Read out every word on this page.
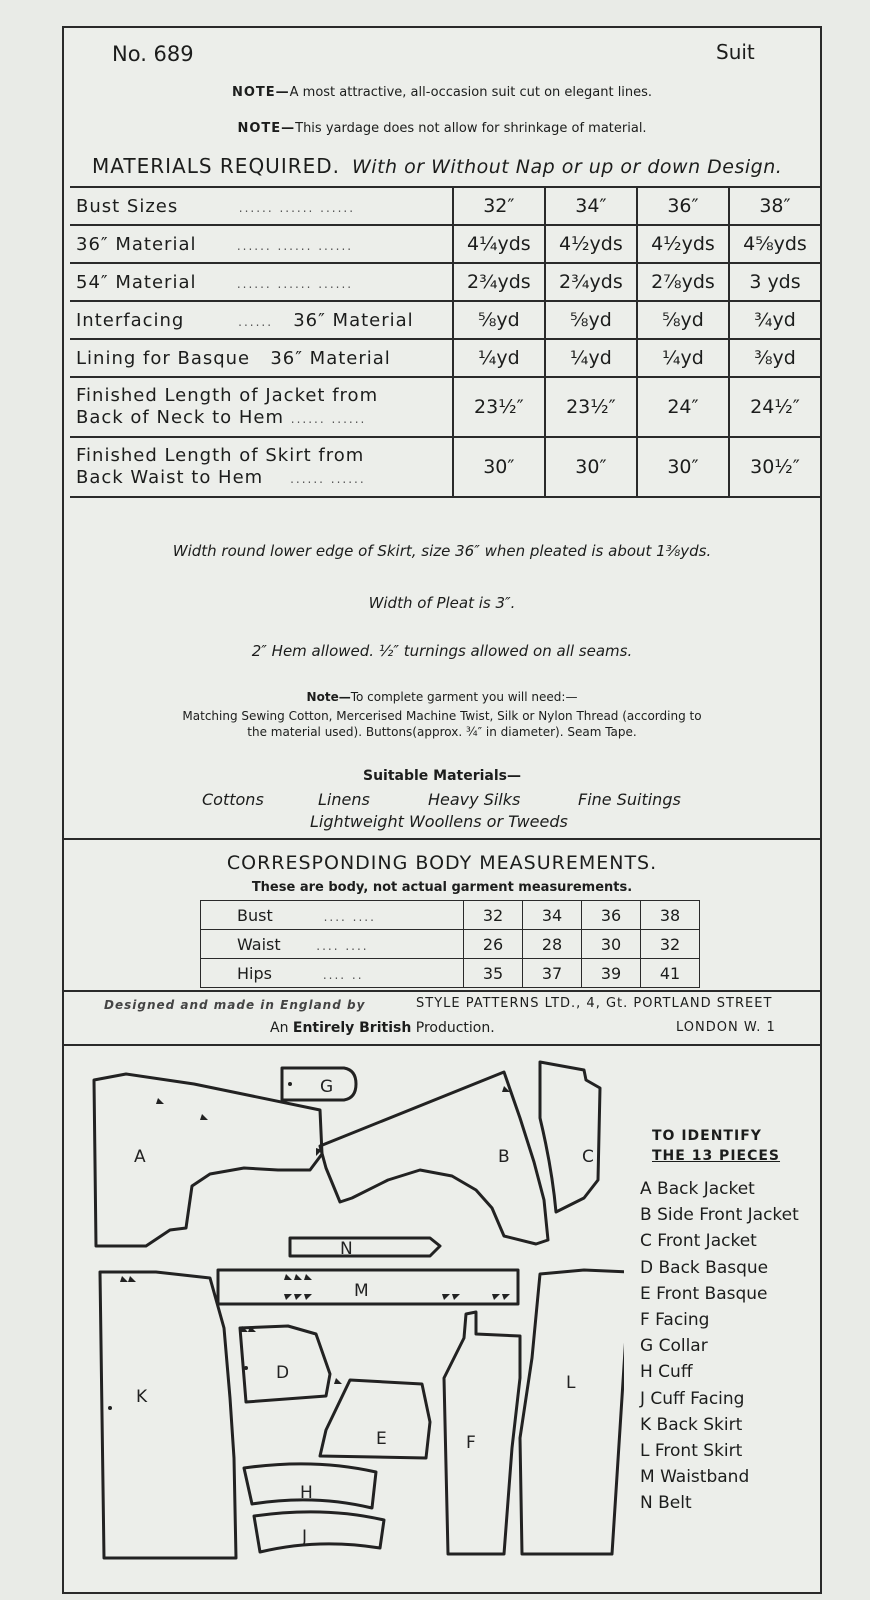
No. 689	Suit
NOTE—A most attractive, all-occasion suit cut on elegant lines.
NOTE—This yardage does not allow for shrinkage of material.
MATERIALS REQUIRED. With or Without Nap or up or down Design.
Bust Sizes ...... ...... ......	32″	34″	36″	38″
36″ Material ...... ...... ......	4¼yds	4½yds	4½yds	4⅝yds
54″ Material ...... ...... ......	2¾yds	2¾yds	2⅞yds	3 yds
Interfacing ...... 36″ Material	⅝yd	⅝yd	⅝yd	¾yd
Lining for Basque 36″ Material	¼yd	¼yd	¼yd	⅜yd
Finished Length of Jacket from
Back of Neck to Hem ...... ......	23½″	23½″	24″	24½″
Finished Length of Skirt from
Back Waist to Hem ...... ......	30″	30″	30″	30½″
Width round lower edge of Skirt, size 36″ when pleated is about 1⅜yds.
Width of Pleat is 3″.
2″ Hem allowed. ½″ turnings allowed on all seams.
Note—To complete garment you will need:—
Matching Sewing Cotton, Mercerised Machine Twist, Silk or Nylon Thread (according to
the material used). Buttons(approx. ¾″ in diameter). Seam Tape.
Suitable Materials—
Cottons	Linens	Heavy Silks	Fine Suitings
Lightweight Woollens or Tweeds
CORRESPONDING BODY MEASUREMENTS.
These are body, not actual garment measurements.
Bust .... ....	32	34	36	38
Waist .... ....	26	28	30	32
Hips .... ..	35	37	39	41
Designed and made in England by	STYLE PATTERNS LTD., 4, Gt. PORTLAND STREET
An Entirely British Production.	LONDON W. 1
A	B	C
D
E	F
G
H
J
K
L
M
N
TO IDENTIFY
THE 13 PIECES
A Back Jacket
B Side Front Jacket
C Front Jacket
D Back Basque
E Front Basque
F Facing
G Collar
H Cuff
J Cuff Facing
K Back Skirt
L Front Skirt
M Waistband
N Belt
